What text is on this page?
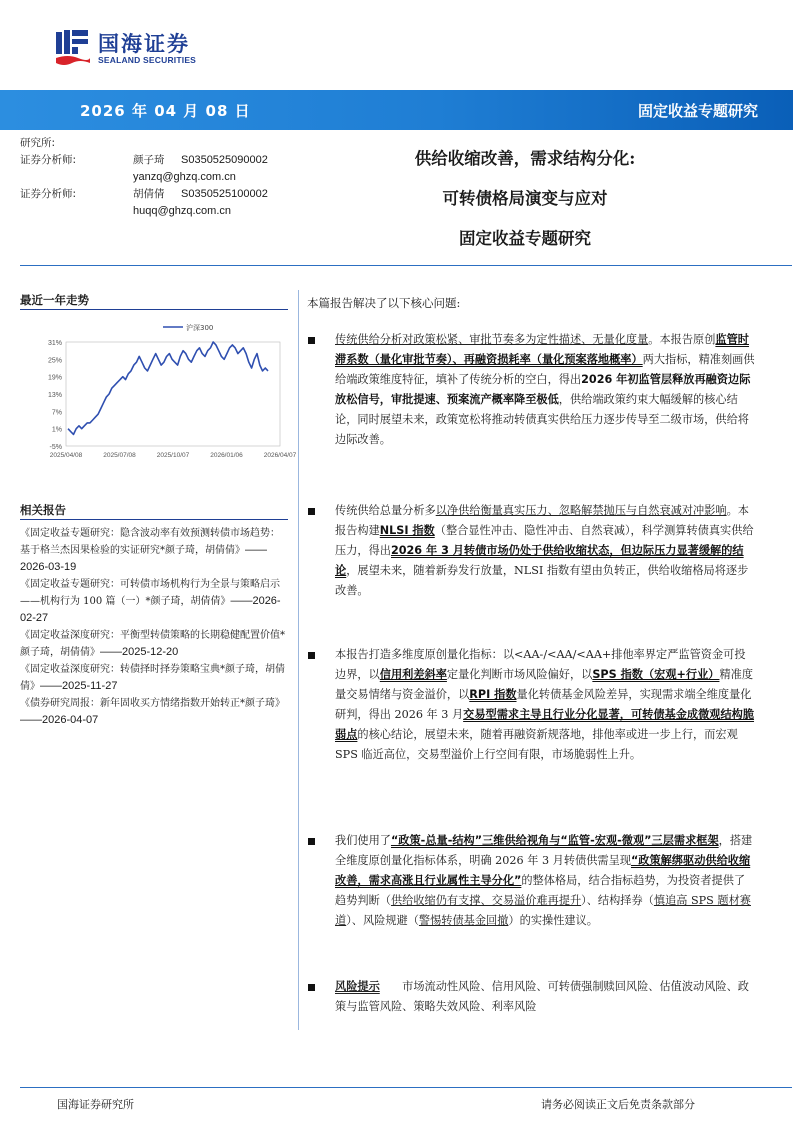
国海证券
SEALAND SECURITIES
2026 年 04 月 08 日	固定收益专题研究
研究所:
证券分析师:	颜子琦 S0350525090002
yanzq@ghzq.com.cn
证券分析师:	胡倩倩 S0350525100002
huqq@ghzq.com.cn
供给收缩改善，需求结构分化:
可转债格局演变与应对
固定收益专题研究
最近一年走势
31%
25%
19%
13%
7%
1%
-5%
2025/04/08	2025/07/08	2025/10/07	2026/01/06	2026/04/07
沪深300
相关报告

《固定收益专题研究：隐含波动率有效预测转债市场趋势：基于格兰杰因果检验的实证研究*颜子琦，胡倩倩》——2026-03-19

《固定收益专题研究：可转债市场机构行为全景与策略启示——机构行为 100 篇（一）*颜子琦，胡倩倩》——2026-02-27

《固定收益深度研究：平衡型转债策略的长期稳健配置价值*颜子琦，胡倩倩》——2025-12-20

《固定收益深度研究：转债择时择券策略宝典*颜子琦，胡倩倩》——2025-11-27

《债券研究周报：新年固收买方情绪指数开始转正*颜子琦》——2026-04-07

本篇报告解决了以下核心问题:
传统供给分析对政策松紧、审批节奏多为定性描述、无量化度量。本报告原创监管时滞系数（量化审批节奏）、再融资损耗率（量化预案落地概率）两大指标，精准刻画供给端政策维度特征，填补了传统分析的空白，得出2026 年初监管层释放再融资边际放松信号，审批提速、预案流产概率降至极低，供给端政策约束大幅缓解的核心结论，同时展望未来，政策宽松将推动转债真实供给压力逐步传导至二级市场，供给将边际改善。
传统供给总量分析多以净供给衡量真实压力、忽略解禁抛压与自然衰减对冲影响。本报告构建NLSI 指数（整合显性冲击、隐性冲击、自然衰减），科学测算转债真实供给压力，得出2026 年 3 月转债市场仍处于供给收缩状态，但边际压力显著缓解的结论，展望未来，随着新券发行放量，NLSI 指数有望由负转正，供给收缩格局将逐步改善。
本报告打造多维度原创量化指标：以<AA-/<AA/<AA+排他率界定严监管资金可投边界，以信用利差斜率定量化判断市场风险偏好，以SPS 指数（宏观+行业）精准度量交易情绪与资金溢价，以RPI 指数量化转债基金风险差异，实现需求端全维度量化研判，得出 2026 年 3 月交易型需求主导且行业分化显著，可转债基金成微观结构脆弱点的核心结论，展望未来，随着再融资新规落地，排他率或进一步上行，而宏观 SPS 临近高位，交易型溢价上行空间有限，市场脆弱性上升。
我们使用了“政策-总量-结构”三维供给视角与“监管-宏观-微观”三层需求框架，搭建全维度原创量化指标体系，明确 2026 年 3 月转债供需呈现“政策解绑驱动供给收缩改善，需求高涨且行业属性主导分化”的整体格局，结合指标趋势，为投资者提供了趋势判断（供给收缩仍有支撑、交易溢价难再提升）、结构择券（慎追高 SPS 题材赛道）、风险规避（警惕转债基金回撤）的实操性建议。
风险提示　　 市场流动性风险、信用风险、可转债强制赎回风险、估值波动风险、政策与监管风险、策略失效风险、利率风险
国海证券研究所	请务必阅读正文后免责条款部分
